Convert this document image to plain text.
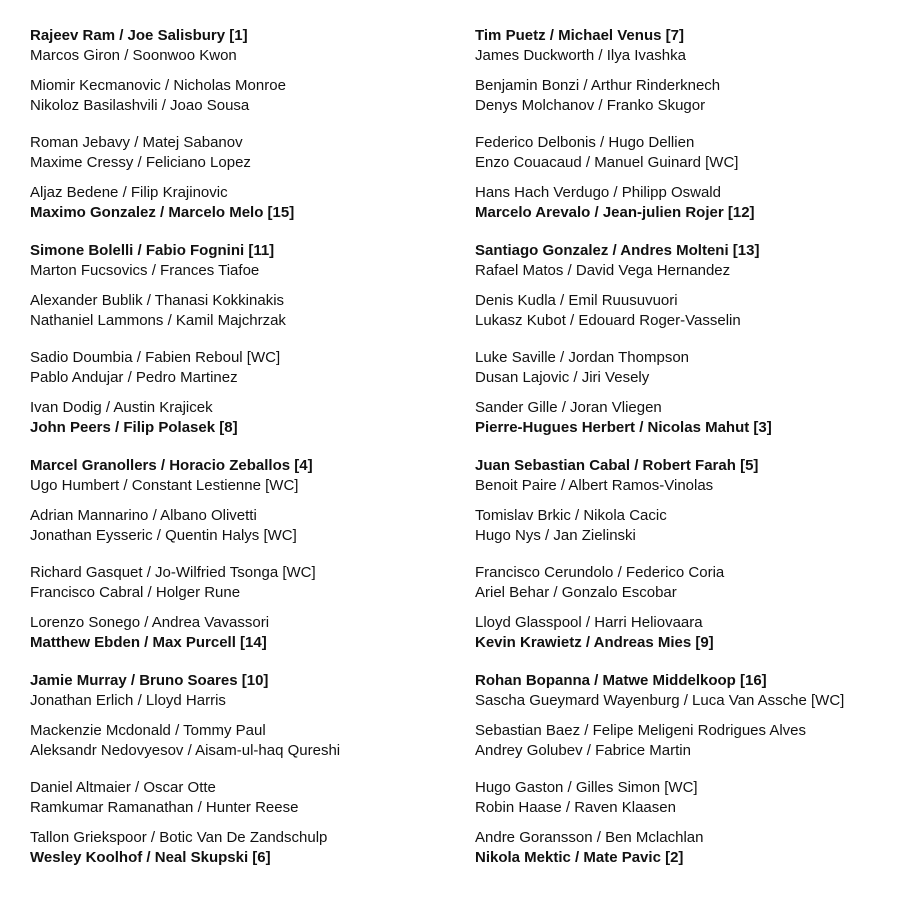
Rajeev Ram / Joe Salisbury [1]
Marcos Giron / Soonwoo Kwon
Miomir Kecmanovic / Nicholas Monroe
Nikoloz Basilashvili / Joao Sousa
Roman Jebavy / Matej Sabanov
Maxime Cressy / Feliciano Lopez
Aljaz Bedene / Filip Krajinovic
Maximo Gonzalez / Marcelo Melo [15]
Simone Bolelli / Fabio Fognini [11]
Marton Fucsovics / Frances Tiafoe
Alexander Bublik / Thanasi Kokkinakis
Nathaniel Lammons / Kamil Majchrzak
Sadio Doumbia / Fabien Reboul [WC]
Pablo Andujar / Pedro Martinez
Ivan Dodig / Austin Krajicek
John Peers / Filip Polasek [8]
Marcel Granollers / Horacio Zeballos [4]
Ugo Humbert / Constant Lestienne [WC]
Adrian Mannarino / Albano Olivetti
Jonathan Eysseric / Quentin Halys [WC]
Richard Gasquet / Jo-Wilfried Tsonga [WC]
Francisco Cabral / Holger Rune
Lorenzo Sonego / Andrea Vavassori
Matthew Ebden / Max Purcell [14]
Jamie Murray / Bruno Soares [10]
Jonathan Erlich / Lloyd Harris
Mackenzie Mcdonald / Tommy Paul
Aleksandr Nedovyesov / Aisam-ul-haq Qureshi
Daniel Altmaier / Oscar Otte
Ramkumar Ramanathan / Hunter Reese
Tallon Griekspoor / Botic Van De Zandschulp
Wesley Koolhof / Neal Skupski [6]
Tim Puetz / Michael Venus [7]
James Duckworth / Ilya Ivashka
Benjamin Bonzi / Arthur Rinderknech
Denys Molchanov / Franko Skugor
Federico Delbonis / Hugo Dellien
Enzo Couacaud / Manuel Guinard [WC]
Hans Hach Verdugo / Philipp Oswald
Marcelo Arevalo / Jean-julien Rojer [12]
Santiago Gonzalez / Andres Molteni [13]
Rafael Matos / David Vega Hernandez
Denis Kudla / Emil Ruusuvuori
Lukasz Kubot / Edouard Roger-Vasselin
Luke Saville / Jordan Thompson
Dusan Lajovic / Jiri Vesely
Sander Gille / Joran Vliegen
Pierre-Hugues Herbert / Nicolas Mahut [3]
Juan Sebastian Cabal / Robert Farah [5]
Benoit Paire / Albert Ramos-Vinolas
Tomislav Brkic / Nikola Cacic
Hugo Nys / Jan Zielinski
Francisco Cerundolo / Federico Coria
Ariel Behar / Gonzalo Escobar
Lloyd Glasspool / Harri Heliovaara
Kevin Krawietz / Andreas Mies [9]
Rohan Bopanna / Matwe Middelkoop [16]
Sascha Gueymard Wayenburg / Luca Van Assche [WC]
Sebastian Baez / Felipe Meligeni Rodrigues Alves
Andrey Golubev / Fabrice Martin
Hugo Gaston / Gilles Simon [WC]
Robin Haase / Raven Klaasen
Andre Goransson / Ben Mclachlan
Nikola Mektic / Mate Pavic [2]
